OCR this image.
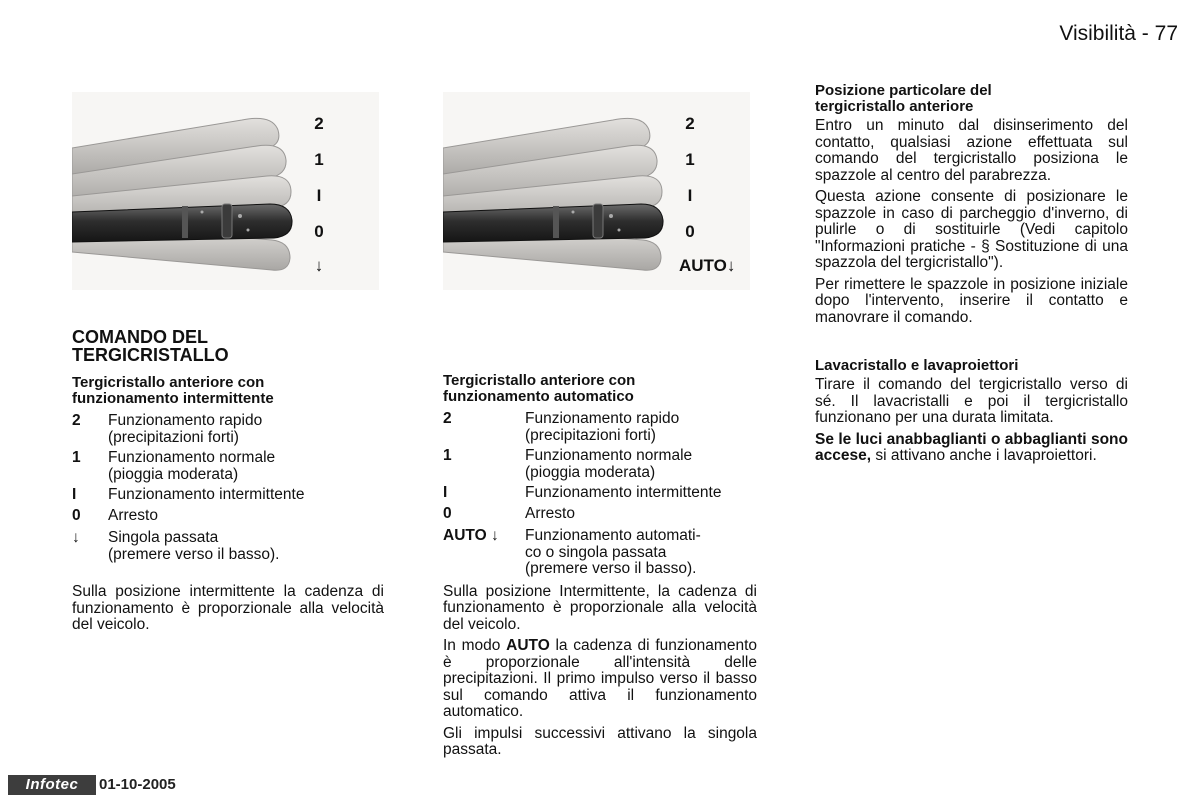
Visibilità - 77
2
1
I
0
↓
2
1
I
0
AUTO↓
COMANDO DEL
TERGICRISTALLO
Tergicristallo anteriore con
funzionamento intermittente
2	Funzionamento rapido
(precipitazioni forti)
1	Funzionamento normale
(pioggia moderata)
I	Funzionamento intermittente
0	Arresto
↓	Singola passata
(premere verso il basso).
Sulla posizione intermittente la cadenza di funzionamento è proporzionale alla velocità del veicolo.
Tergicristallo anteriore con
funzionamento automatico
2	Funzionamento rapido
(precipitazioni forti)
1	Funzionamento normale
(pioggia moderata)
I	Funzionamento intermittente
0	Arresto
AUTO ↓	Funzionamento automati-
co o singola passata
(premere verso il basso).
Sulla posizione Intermittente, la cadenza di funzionamento è proporzionale alla velocità del veicolo.
In modo AUTO la cadenza di funzionamento è proporzionale all'intensità delle precipitazioni. Il primo impulso verso il basso sul comando attiva il funzionamento automatico.
Gli impulsi successivi attivano la singola passata.
Posizione particolare del
tergicristallo anteriore
Entro un minuto dal disinserimento del contatto, qualsiasi azione effettuata sul comando del tergicristallo posiziona le spazzole al centro del parabrezza.
Questa azione consente di posizionare le spazzole in caso di parcheggio d'inverno, di pulirle o di sostituirle (Vedi capitolo "Informazioni pratiche - § Sostituzione di una spazzola del tergicristallo").
Per rimettere le spazzole in posizione iniziale dopo l'intervento, inserire il contatto e manovrare il comando.
Lavacristallo e lavaproiettori
Tirare il comando del tergicristallo verso di sé. Il lavacristalli e poi il tergicristallo funzionano per una durata limitata.
Se le luci anabbaglianti o abbaglianti sono accese, si attivano anche i lavaproiettori.
Infotec	01-10-2005
